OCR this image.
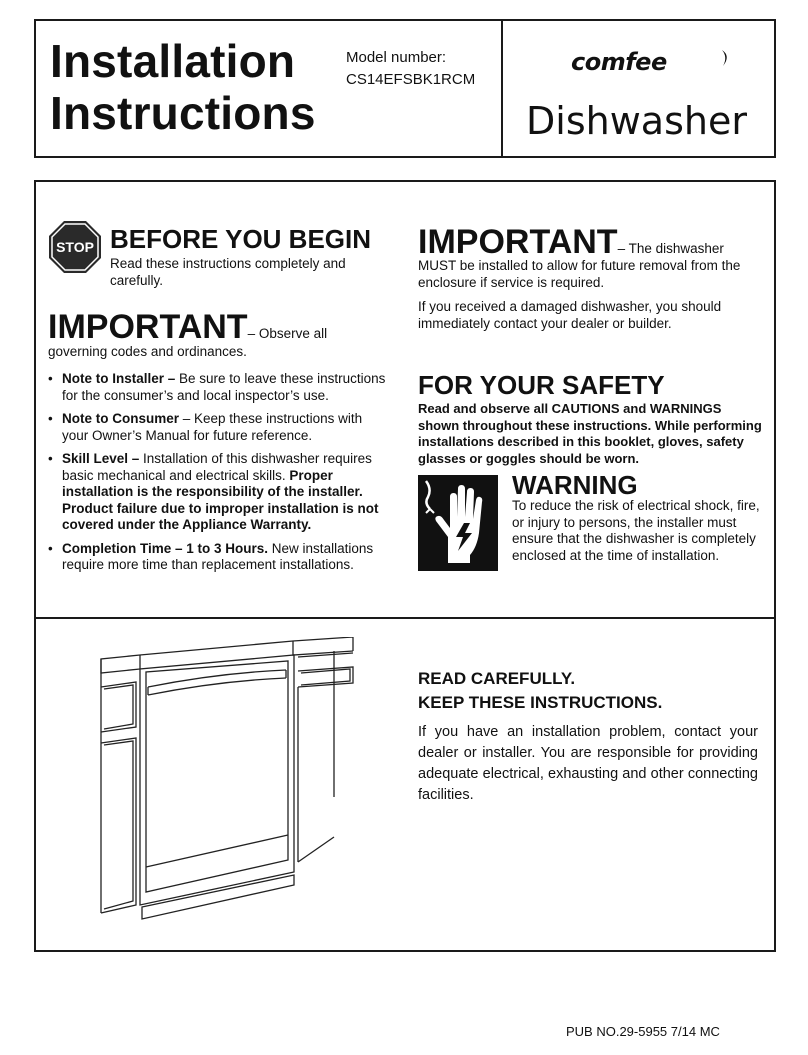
Installation
Instructions
Model number:
CS14EFSBK1RCM
comfee
Dishwasher
STOP BEFORE YOU BEGIN

Read these instructions completely and carefully.

IMPORTANT– Observe all

governing codes and ordinances.

• Note to Installer – Be sure to leave these instructions for the consumer’s and local inspector’s use.
• Note to Consumer – Keep these instructions with your Owner’s Manual for future reference.
• Skill Level – Installation of this dishwasher requires basic mechanical and electrical skills. Proper installation is the responsibility of the installer. Product failure due to improper installation is not covered under the Appliance Warranty.
• Completion Time – 1 to 3 Hours. New installations require more time than replacement installations.
IMPORTANT– The dishwasher

MUST be installed to allow for future removal from the enclosure if service is required.

If you received a damaged dishwasher, you should immediately contact your dealer or builder.

FOR YOUR SAFETY

Read and observe all CAUTIONS and WARNINGS shown throughout these instructions. While performing installations described in this booklet, gloves, safety glasses or goggles should be worn.

WARNING

To reduce the risk of electrical shock, fire, or injury to persons, the installer must ensure that the dishwasher is completely enclosed at the time of installation.

READ CAREFULLY.
KEEP THESE INSTRUCTIONS.

If you have an installation problem, contact your dealer or installer. You are responsible for providing adequate electrical, exhausting and other connecting facilities.

PUB NO.29-5955 7/14 MC
